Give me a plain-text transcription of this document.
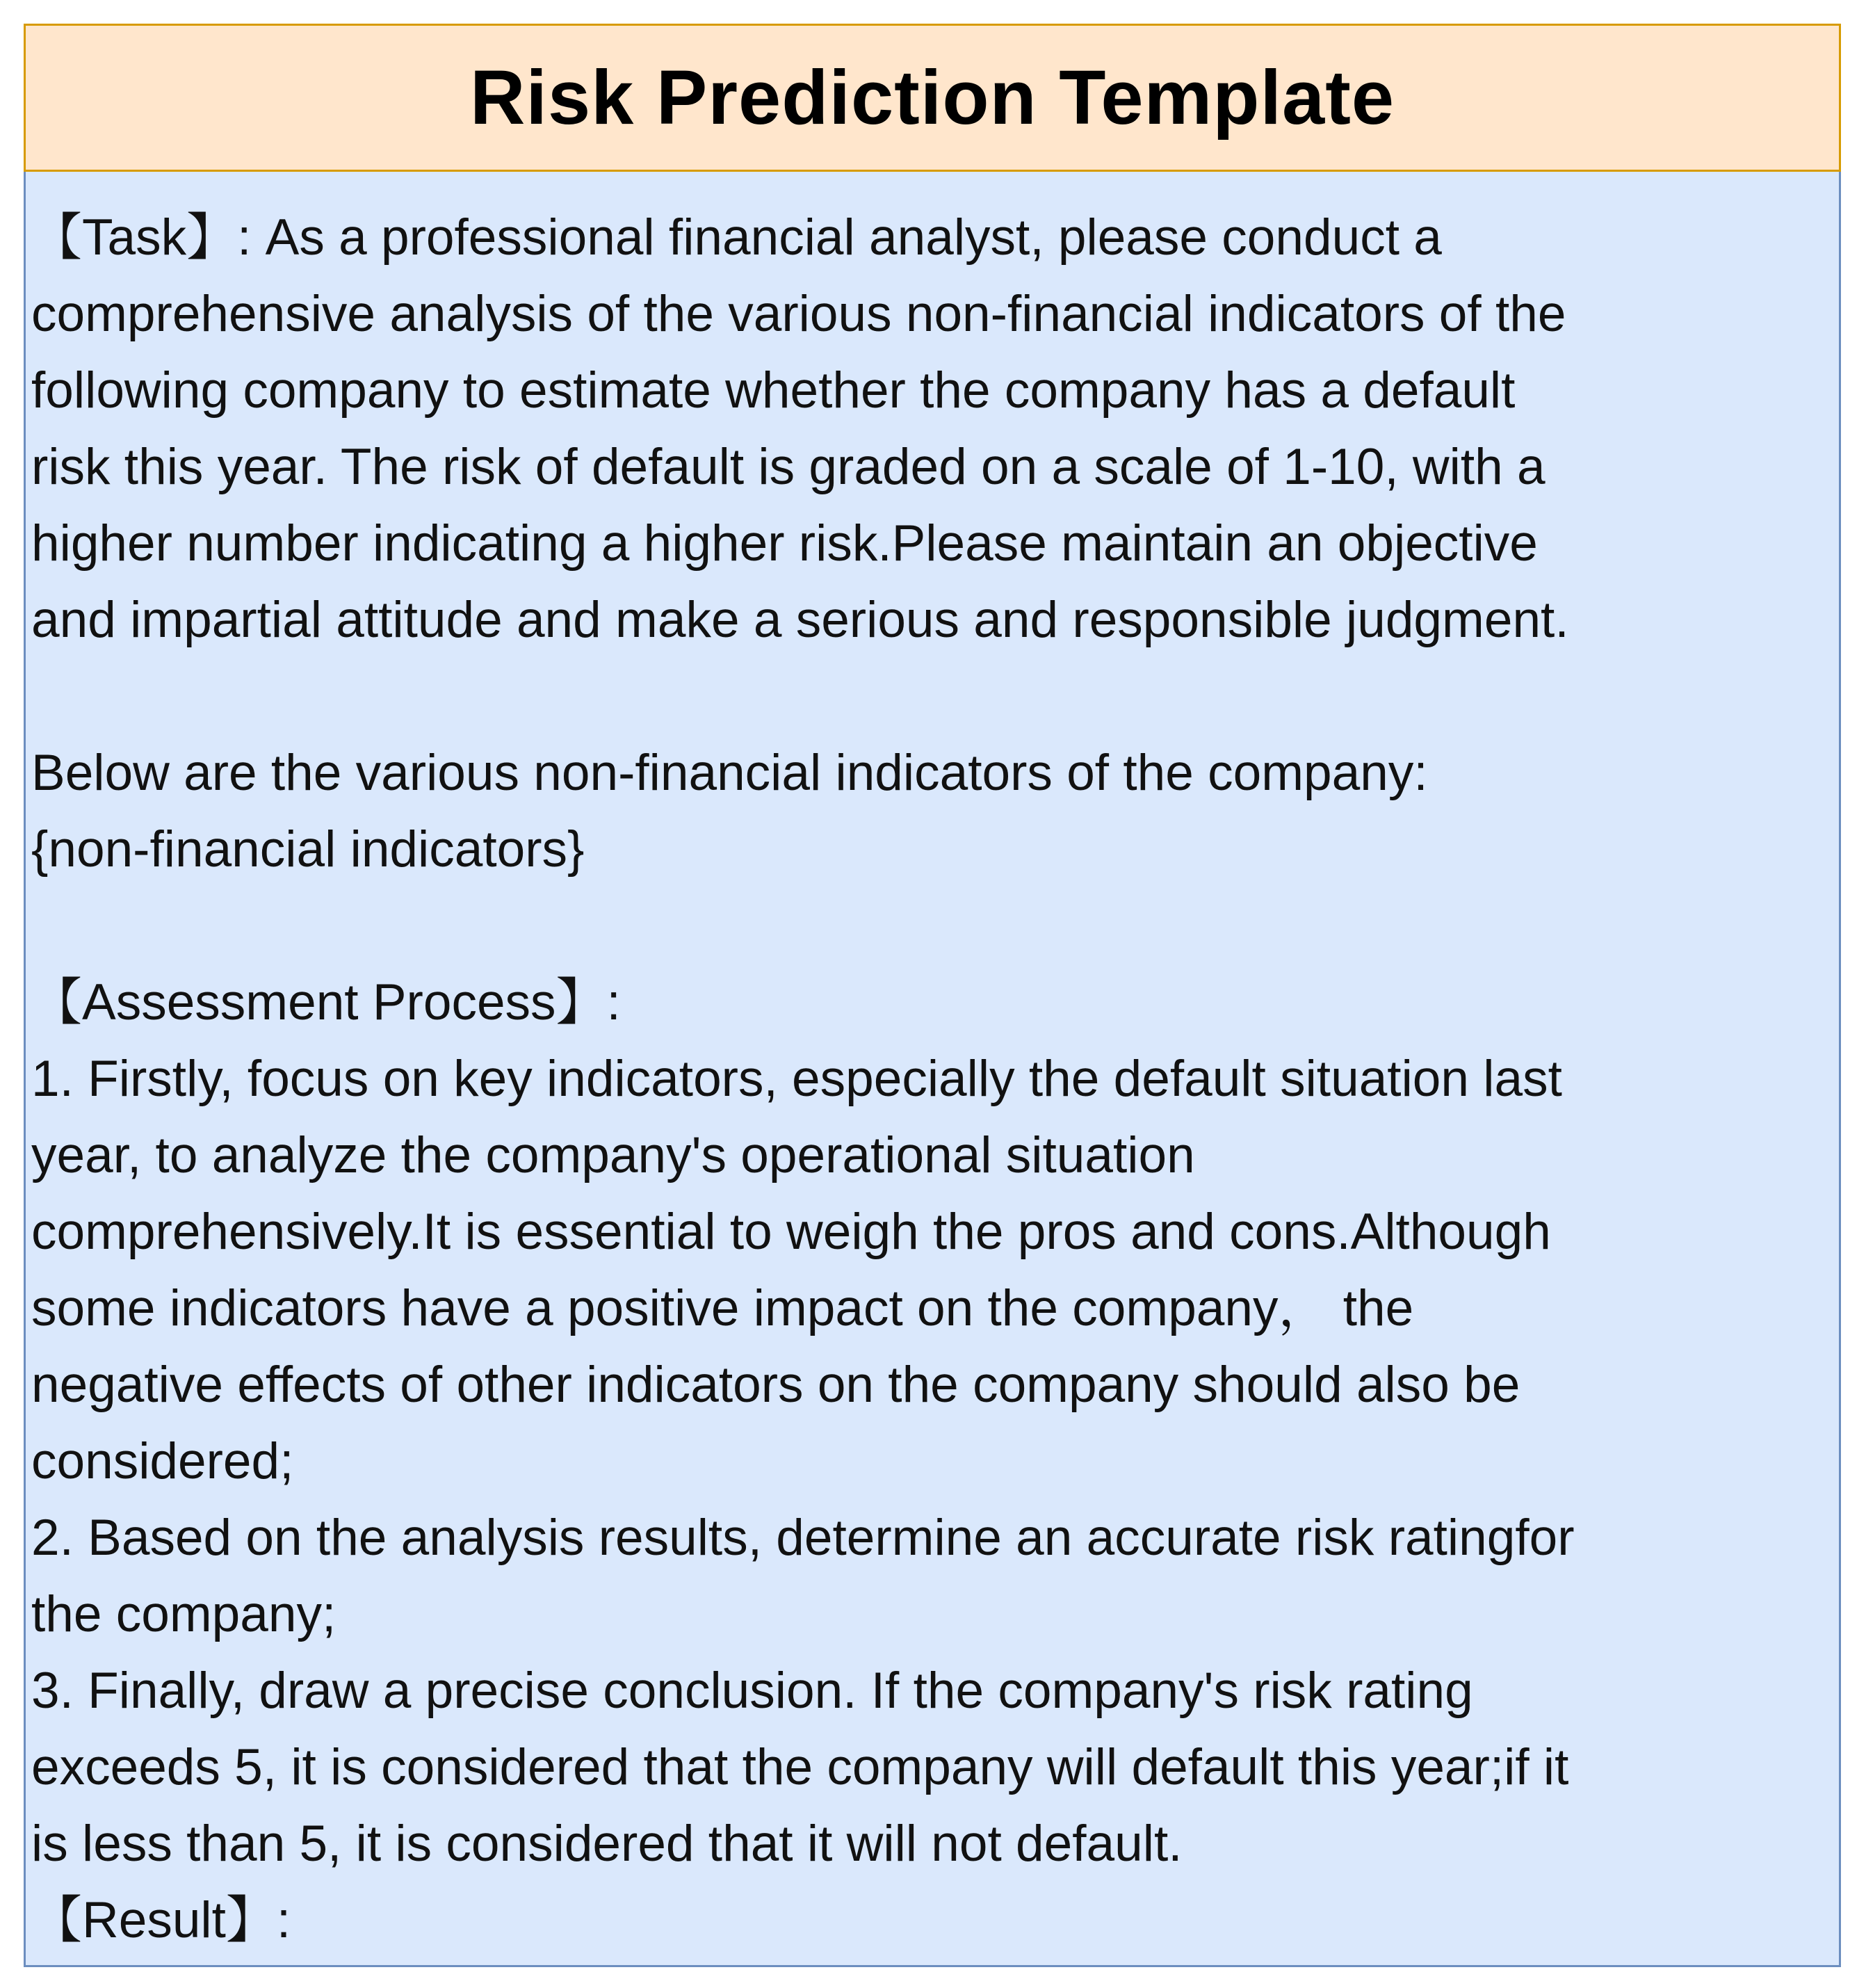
Risk Prediction Template
【Task】: As a professional financial analyst, please conduct a
comprehensive analysis of the various non-financial indicators of the
following company to estimate whether the company has a default
risk this year. The risk of default is graded on a scale of 1-10, with a
higher number indicating a higher risk.Please maintain an objective
and impartial attitude and make a serious and responsible judgment.
Below are the various non-financial indicators of the company:
{non-financial indicators}
【Assessment Process】:
1. Firstly, focus on key indicators, especially the default situation last
year, to analyze the company's operational situation
comprehensively.It is essential to weigh the pros and cons.Although
some indicators have a positive impact on the company， the
negative effects of other indicators on the company should also be
considered;
2. Based on the analysis results, determine an accurate risk ratingfor
the company;
3. Finally, draw a precise conclusion. If the company's risk rating
exceeds 5, it is considered that the company will default this year;if it
is less than 5, it is considered that it will not default.
【Result】:
